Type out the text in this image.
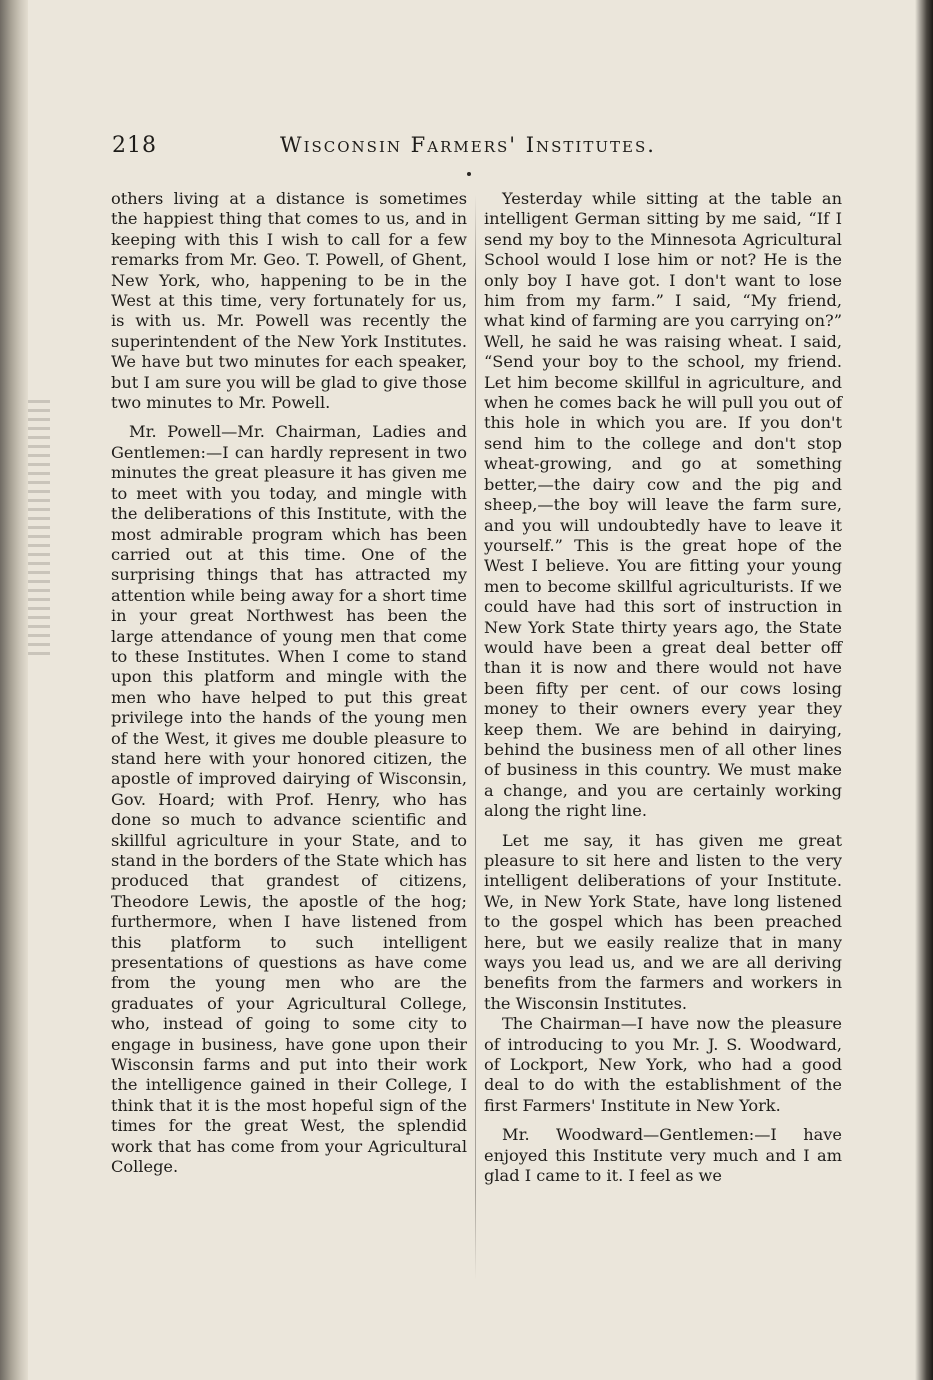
218	Wisconsin Farmers' Institutes.

others living at a distance is sometimes the happiest thing that comes to us, and in keeping with this I wish to call for a few remarks from Mr. Geo. T. Powell, of Ghent, New York, who, happening to be in the West at this time, very fortunately for us, is with us. Mr. Powell was recently the superintendent of the New York Institutes. We have but two minutes for each speaker, but I am sure you will be glad to give those two minutes to Mr. Powell.

Mr. Powell—Mr. Chairman, Ladies and Gentlemen:—I can hardly represent in two minutes the great pleasure it has given me to meet with you today, and mingle with the deliberations of this Institute, with the most admirable program which has been carried out at this time. One of the surprising things that has attracted my attention while being away for a short time in your great Northwest has been the large attendance of young men that come to these Institutes. When I come to stand upon this platform and mingle with the men who have helped to put this great privilege into the hands of the young men of the West, it gives me double pleasure to stand here with your honored citizen, the apostle of improved dairying of Wisconsin, Gov. Hoard; with Prof. Henry, who has done so much to advance scientific and skillful agriculture in your State, and to stand in the borders of the State which has produced that grandest of citizens, Theodore Lewis, the apostle of the hog; furthermore, when I have listened from this platform to such intelligent presentations of questions as have come from the young men who are the graduates of your Agricultural College, who, instead of going to some city to engage in business, have gone upon their Wisconsin farms and put into their work the intelligence gained in their College, I think that it is the most hopeful sign of the times for the great West, the splendid work that has come from your Agricultural College.

Yesterday while sitting at the table an intelligent German sitting by me said, “If I send my boy to the Minnesota Agricultural School would I lose him or not? He is the only boy I have got. I don't want to lose him from my farm.” I said, “My friend, what kind of farming are you carrying on?” Well, he said he was raising wheat. I said, “Send your boy to the school, my friend. Let him become skillful in agriculture, and when he comes back he will pull you out of this hole in which you are. If you don't send him to the college and don't stop wheat-growing, and go at something better,—the dairy cow and the pig and sheep,—the boy will leave the farm sure, and you will undoubtedly have to leave it yourself.” This is the great hope of the West I believe. You are fitting your young men to become skillful agriculturists. If we could have had this sort of instruction in New York State thirty years ago, the State would have been a great deal better off than it is now and there would not have been fifty per cent. of our cows losing money to their owners every year they keep them. We are behind in dairying, behind the business men of all other lines of business in this country. We must make a change, and you are certainly working along the right line.

Let me say, it has given me great pleasure to sit here and listen to the very intelligent deliberations of your Institute. We, in New York State, have long listened to the gospel which has been preached here, but we easily realize that in many ways you lead us, and we are all deriving benefits from the farmers and workers in the Wisconsin Institutes.

The Chairman—I have now the pleasure of introducing to you Mr. J. S. Woodward, of Lockport, New York, who had a good deal to do with the establishment of the first Farmers' Institute in New York.

Mr. Woodward—Gentlemen:—I have enjoyed this Institute very much and I am glad I came to it. I feel as we
